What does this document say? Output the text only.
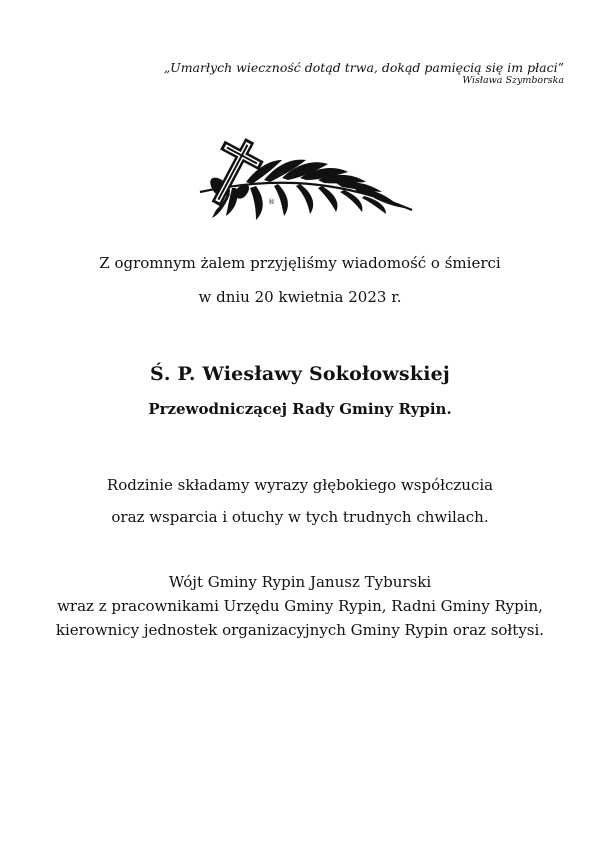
„Umarłych wieczność dotąd trwa, dokąd pamięcią się im płaci”
Wisława Szymborska
®
Z ogromnym żalem przyjęliśmy wiadomość o śmierci
w dniu 20 kwietnia 2023 r.
Ś. P. Wiesławy Sokołowskiej
Przewodniczącej Rady Gminy Rypin.
Rodzinie składamy wyrazy głębokiego współczucia
oraz wsparcia i otuchy w tych trudnych chwilach.
Wójt Gminy Rypin Janusz Tyburski
wraz z pracownikami Urzędu Gminy Rypin, Radni Gminy Rypin,
kierownicy jednostek organizacyjnych Gminy Rypin oraz sołtysi.
